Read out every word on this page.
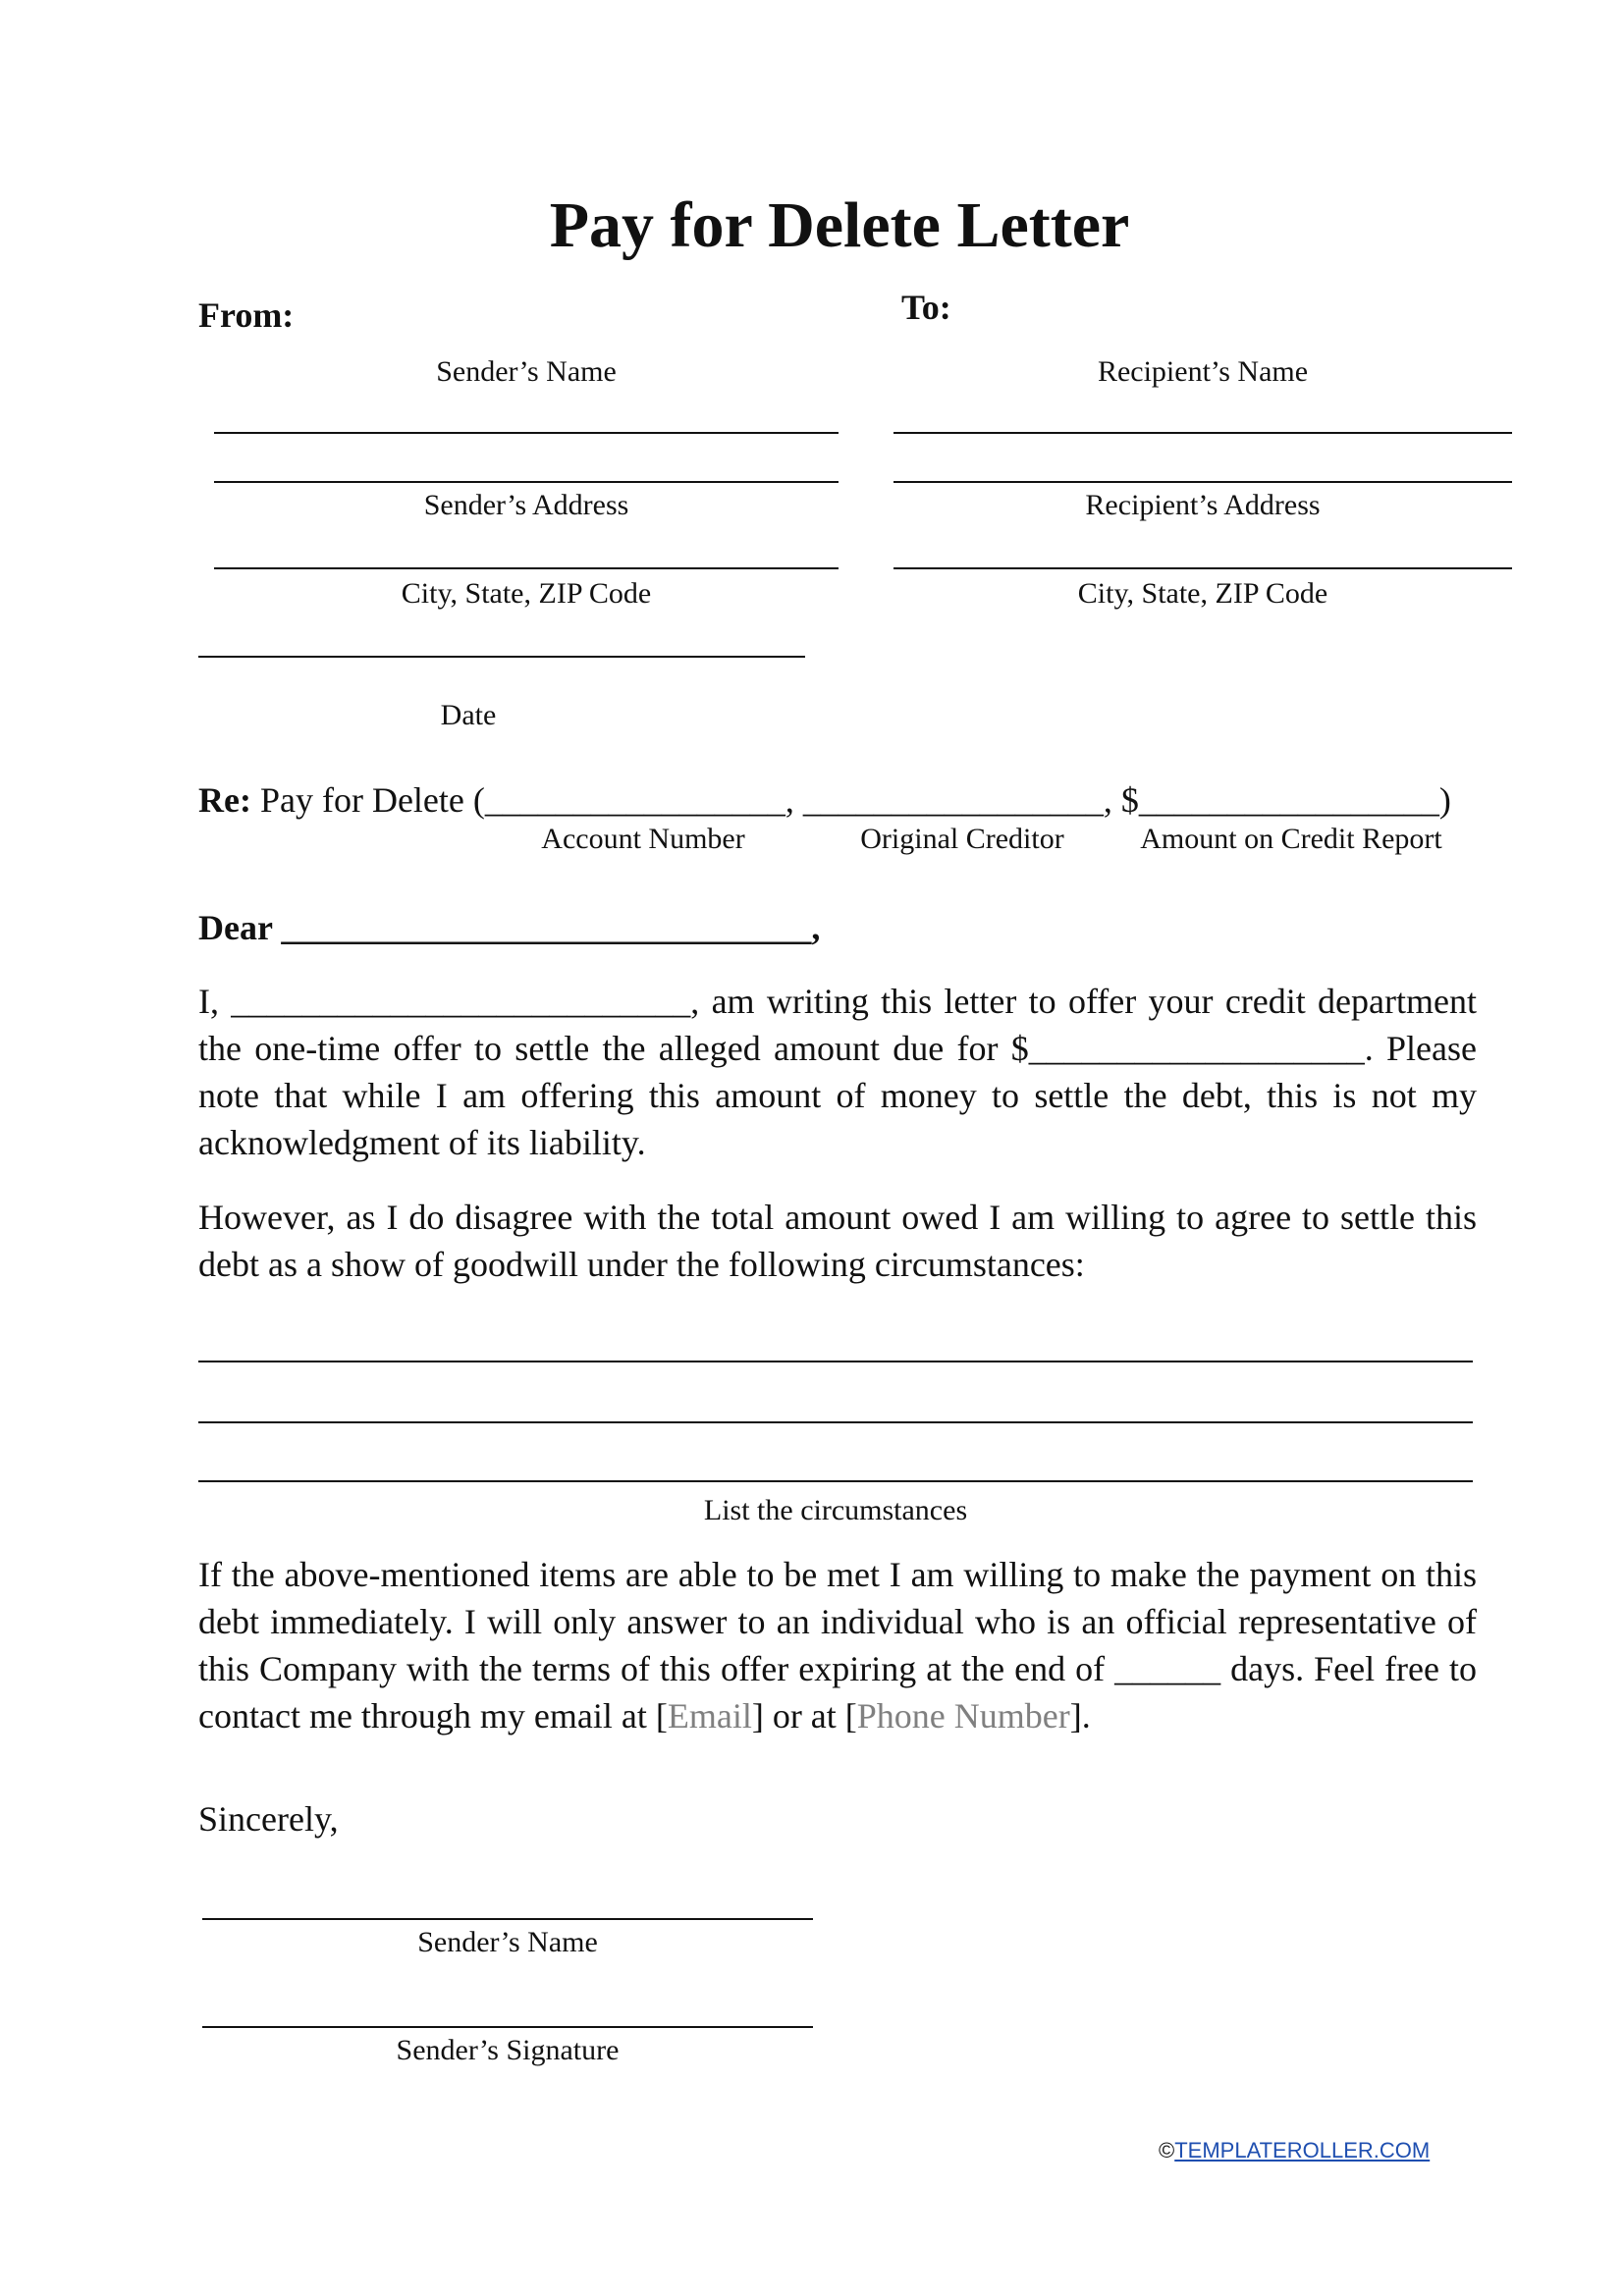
Pay for Delete Letter
From:	To:
Sender’s Name
Sender’s Address
City, State, ZIP Code
Recipient’s Name
Recipient’s Address
City, State, ZIP Code
Date
Re: Pay for Delete (_________________, _________________, $_________________)
Account Number	Original Creditor	Amount on Credit Report
Dear ______________________________,
I, __________________________, am writing this letter to offer your credit department the one-time offer to settle the alleged amount due for $___________________. Please note that while I am offering this amount of money to settle the debt, this is not my acknowledgment of its liability.
However, as I do disagree with the total amount owed I am willing to agree to settle this debt as a show of goodwill under the following circumstances:
List the circumstances
If the above-mentioned items are able to be met I am willing to make the payment on this debt immediately. I will only answer to an individual who is an official representative of this Company with the terms of this offer expiring at the end of ______ days. Feel free to contact me through my email at [Email] or at [Phone Number].
Sincerely,
Sender’s Name
Sender’s Signature
©TEMPLATEROLLER.COM
